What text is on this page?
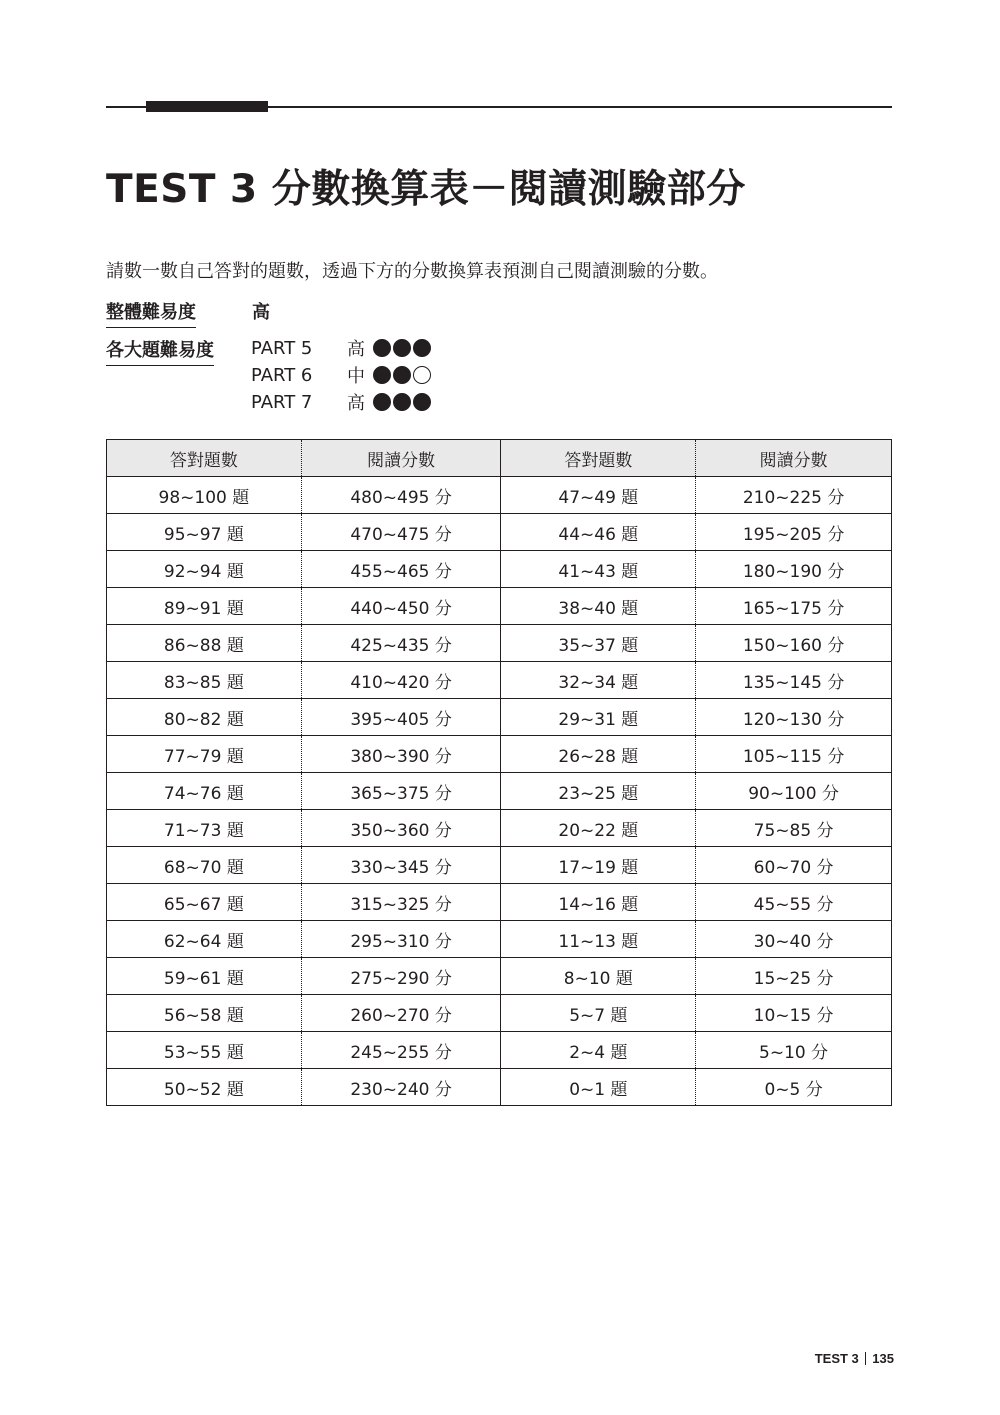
TEST 3 分數換算表－閱讀測驗部分

請數一數自己答對的題數，透過下方的分數換算表預測自己閱讀測驗的分數。

整體難易度	高
各大題難易度 PART 5	高
PART 6	中
PART 7	高
答對題數	閱讀分數	答對題數	閱讀分數
98~100 題	480~495 分	47~49 題	210~225 分
95~97 題	470~475 分	44~46 題	195~205 分
92~94 題	455~465 分	41~43 題	180~190 分
89~91 題	440~450 分	38~40 題	165~175 分
86~88 題	425~435 分	35~37 題	150~160 分
83~85 題	410~420 分	32~34 題	135~145 分
80~82 題	395~405 分	29~31 題	120~130 分
77~79 題	380~390 分	26~28 題	105~115 分
74~76 題	365~375 分	23~25 題	90~100 分
71~73 題	350~360 分	20~22 題	75~85 分
68~70 題	330~345 分	17~19 題	60~70 分
65~67 題	315~325 分	14~16 題	45~55 分
62~64 題	295~310 分	11~13 題	30~40 分
59~61 題	275~290 分	8~10 題	15~25 分
56~58 題	260~270 分	5~7 題	10~15 分
53~55 題	245~255 分	2~4 題	5~10 分
50~52 題	230~240 分	0~1 題	0~5 分
TEST 3 135
